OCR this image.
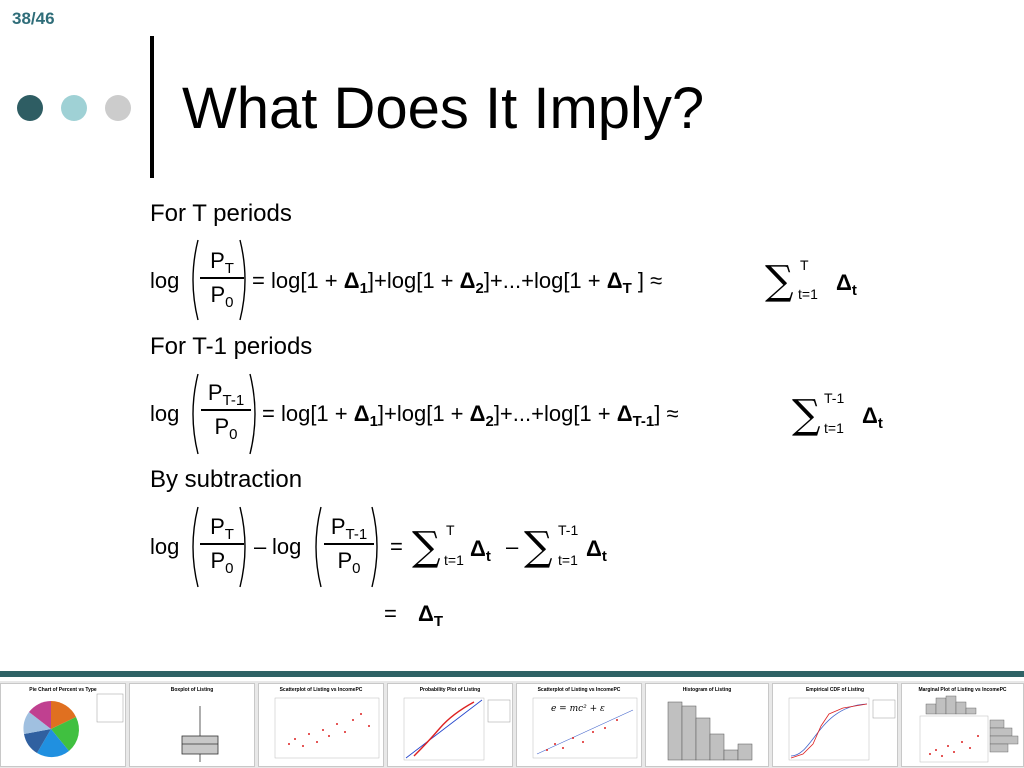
38/46
What Does It Imply?
For T periods
log
$P_T$
$P_0$
= $\log[1 + \Delta_1]+\log[1 + \Delta_2]+...+\log[1 + \Delta_T$ ] ≈	∑ T
t=1 $\Delta_t$
For T-1 periods
log
$P_{T-1}$
$P_0$
= $\log[1 + \Delta_1]+\log[1 + \Delta_2]+...+\log[1 + \Delta_{T-1}]$ ≈	∑ T-1
t=1 $\Delta_t$
By subtraction
log
$P_T$
$P_0$
– log
$P_{T-1}$
$P_0$
= ∑ T
t=1 $\Delta_t$ – ∑ T-1
t=1 $\Delta_t$
= $\Delta_T$
Pie Chart of Percent vs Type	Boxplot of Listing	Scatterplot of Listing vs IncomePC	Probability Plot of Listing	Scatterplot of Listing vs IncomePC
e = mc² + ε
Histogram of Listing	Empirical CDF of Listing	Marginal Plot of Listing vs IncomePC
